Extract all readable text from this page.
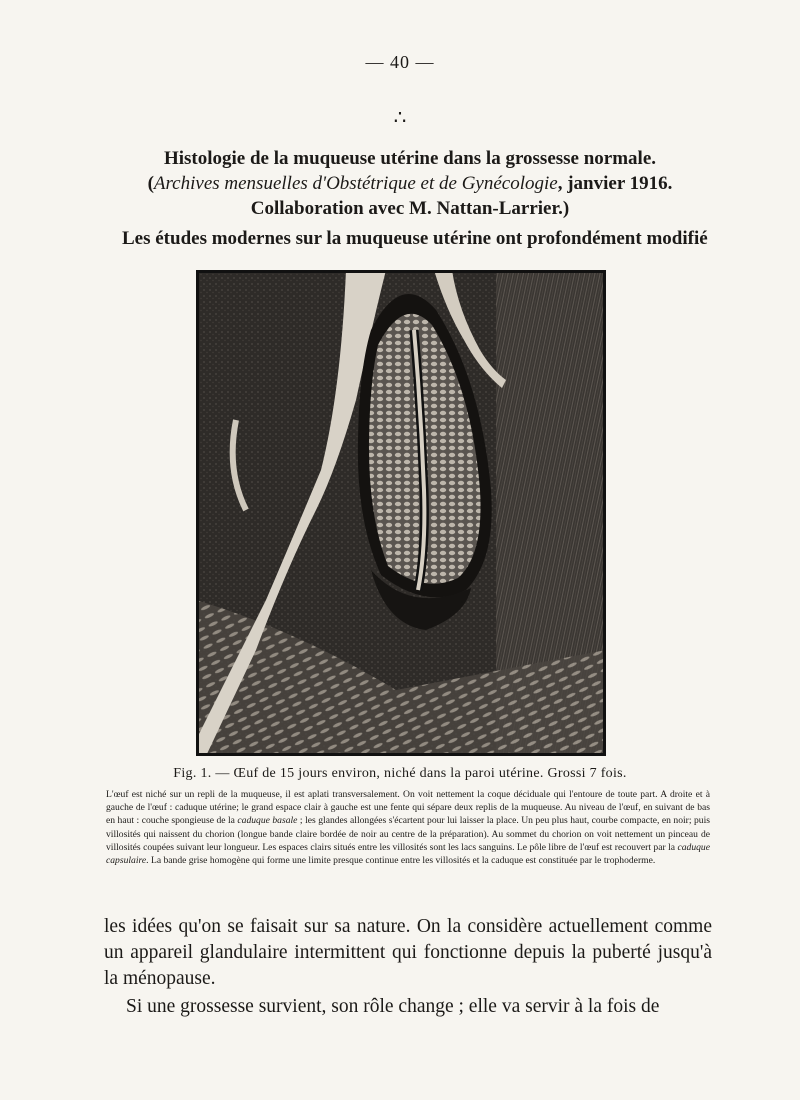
— 40 —
∴
Histologie de la muqueuse utérine dans la grossesse normale.
(Archives mensuelles d'Obstétrique et de Gynécologie, janvier 1916.
Collaboration avec M. Nattan-Larrier.)
Les études modernes sur la muqueuse utérine ont profondément modifié
Fig. 1. — Œuf de 15 jours environ, niché dans la paroi utérine. Grossi 7 fois.
L'œuf est niché sur un repli de la muqueuse, il est aplati transversalement. On voit nettement la coque déciduale qui l'entoure de toute part. A droite et à gauche de l'œuf : caduque utérine; le grand espace clair à gauche est une fente qui sépare deux replis de la muqueuse. Au niveau de l'œuf, en suivant de bas en haut : couche spongieuse de la caduque basale ; les glandes allongées s'écartent pour lui laisser la place. Un peu plus haut, courbe compacte, en noir; puis villosités qui naissent du chorion (longue bande claire bordée de noir au centre de la préparation). Au sommet du chorion on voit nettement un pinceau de villosités coupées suivant leur longueur. Les espaces clairs situés entre les villosités sont les lacs sanguins. Le pôle libre de l'œuf est recouvert par la caduque capsulaire. La bande grise homogène qui forme une limite presque continue entre les villosités et la caduque est constituée par le trophoderme.

les idées qu'on se faisait sur sa nature. On la considère actuellement comme un appareil glandulaire intermittent qui fonctionne depuis la puberté jusqu'à la ménopause.

Si une grossesse survient, son rôle change ; elle va servir à la fois de
